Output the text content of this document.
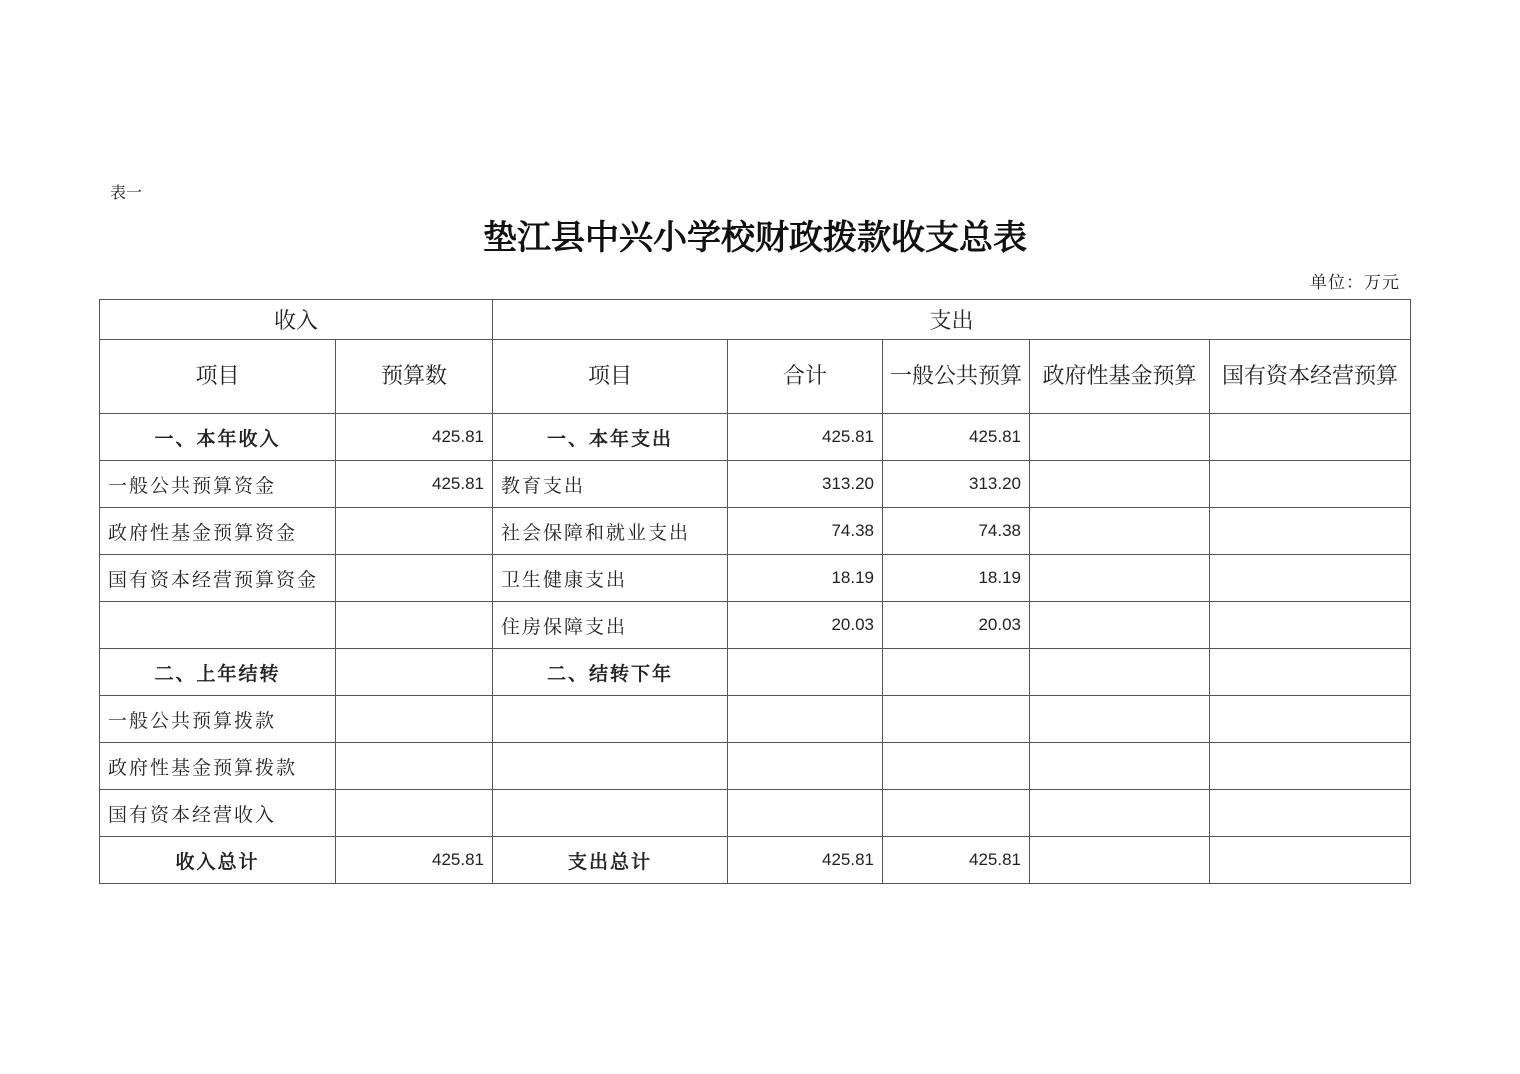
表一
垫江县中兴小学校财政拨款收支总表
单位：万元
收入		支出				
项目	预算数	项目	合计	一般公共预算	政府性基金预算	国有资本经营预算
一、本年收入	425.81	一、本年支出	425.81	425.81		
一般公共预算资金	425.81	教育支出	313.20	313.20		
政府性基金预算资金		社会保障和就业支出	74.38	74.38		
国有资本经营预算资金		卫生健康支出	18.19	18.19		
		住房保障支出	20.03	20.03		
二、上年结转		二、结转下年				
一般公共预算拨款						
政府性基金预算拨款						
国有资本经营收入						
收入总计	425.81	支出总计	425.81	425.81		
